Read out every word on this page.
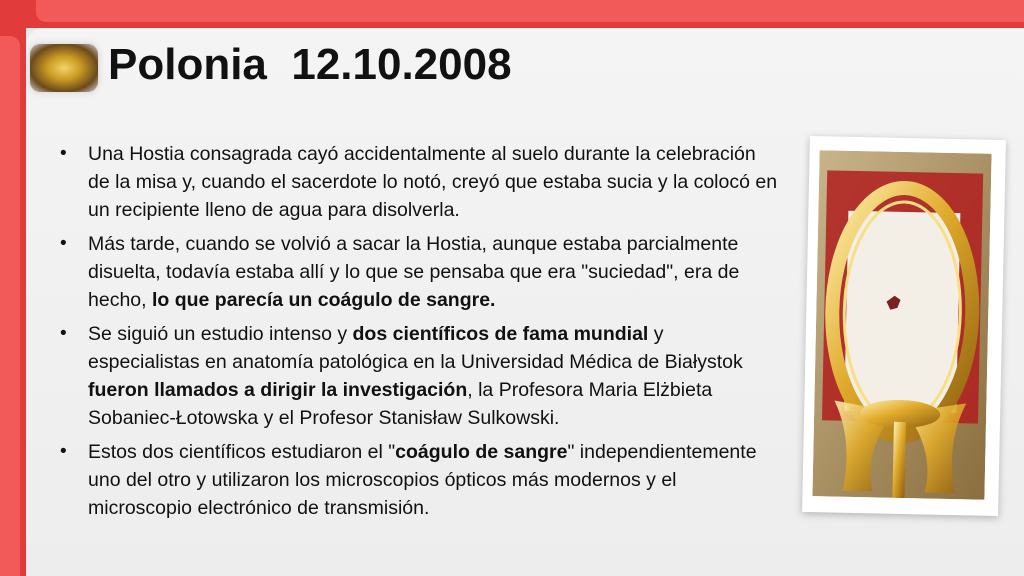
Polonia  12.10.2008
• Una Hostia consagrada cayó accidentalmente al suelo durante la celebración de la misa y, cuando el sacerdote lo notó, creyó que estaba sucia y la colocó en un recipiente lleno de agua para disolverla.
• Más tarde, cuando se volvió a sacar la Hostia, aunque estaba parcialmente disuelta, todavía estaba allí y lo que se pensaba que era "suciedad", era de hecho, lo que parecía un coágulo de sangre.
• Se siguió un estudio intenso y dos científicos de fama mundial y especialistas en anatomía patológica en la Universidad Médica de Białystok fueron llamados a dirigir la investigación, la Profesora Maria Elżbieta Sobaniec-Łotowska y el Profesor Stanisław Sulkowski.
• Estos dos científicos estudiaron el "coágulo de sangre" independientemente uno del otro y utilizaron los microscopios ópticos más modernos y el microscopio electrónico de transmisión.
